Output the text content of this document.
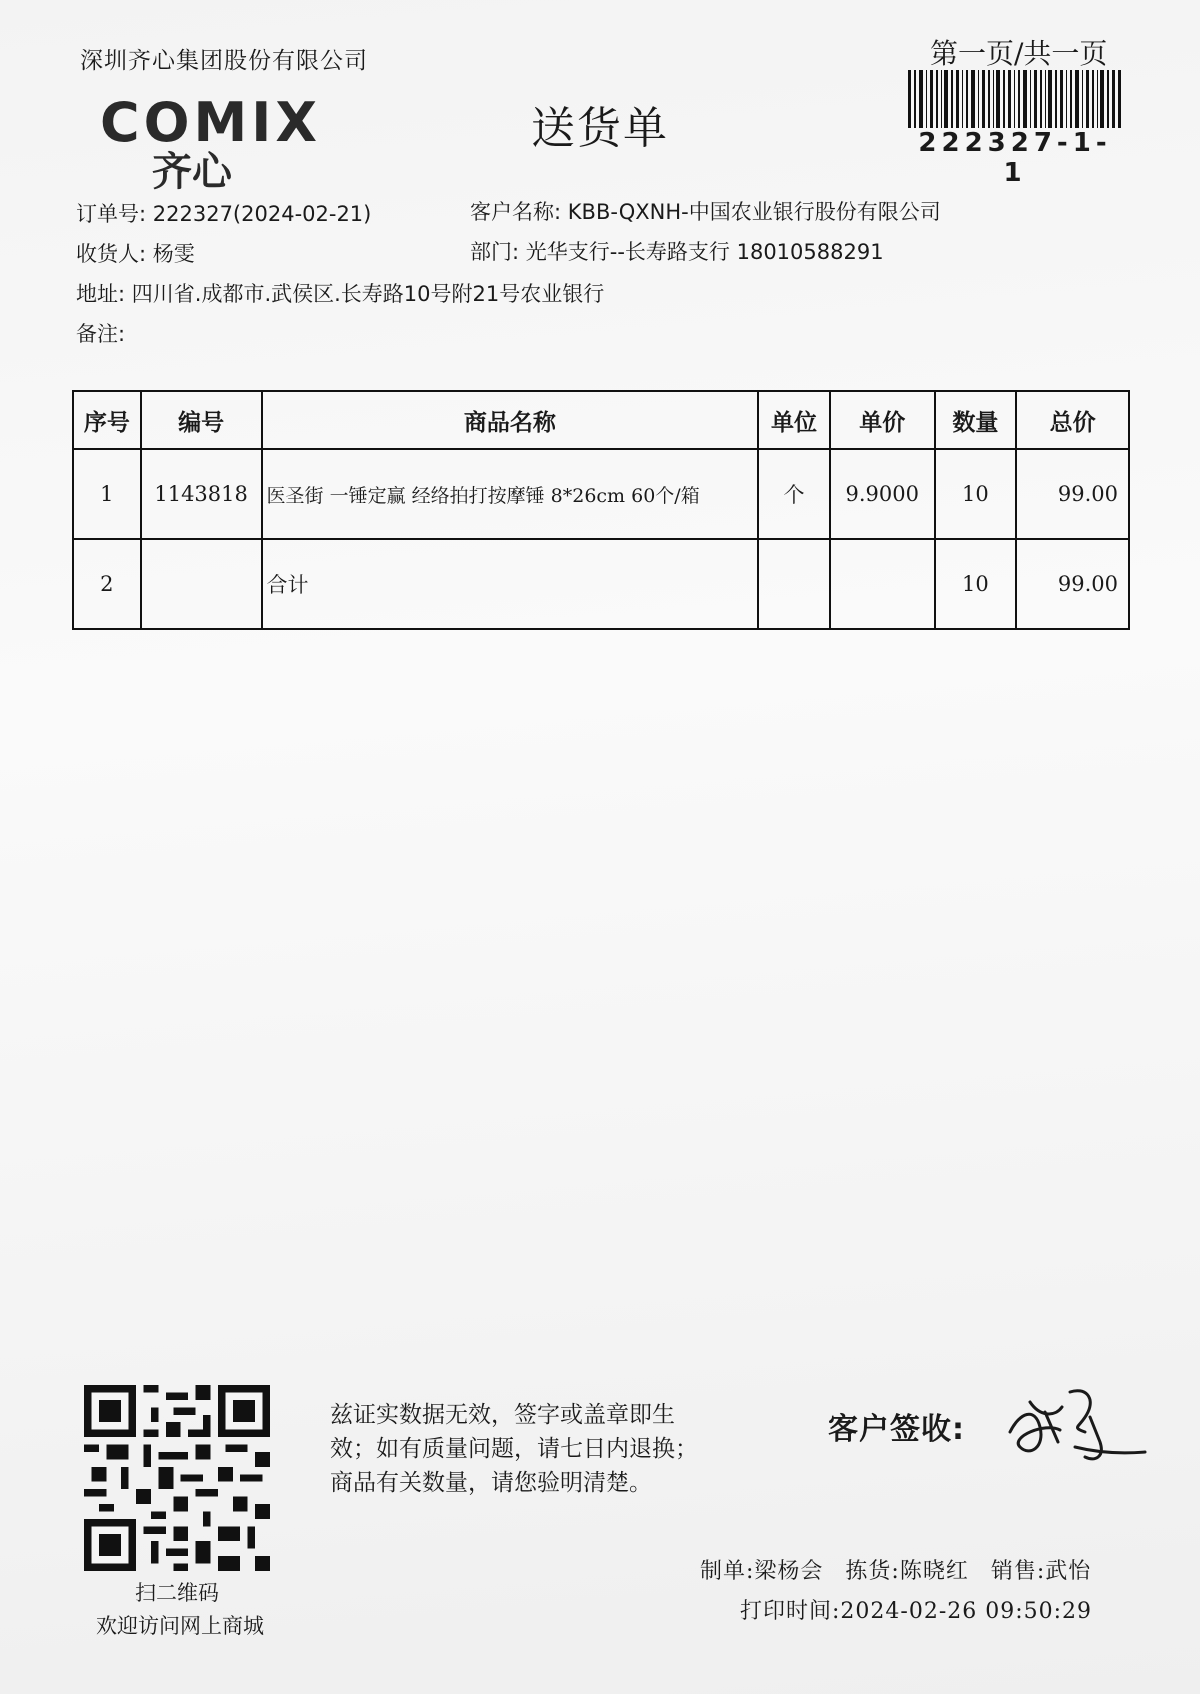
深圳齐心集团股份有限公司
COMIX
齐心
送货单
第一页/共一页
222327-1-1
订单号: 222327(2024-02-21)
收货人: 杨雯
地址: 四川省.成都市.武侯区.长寿路10号附21号农业银行
备注:
客户名称: KBB-QXNH-中国农业银行股份有限公司
部门: 光华支行--长寿路支行 18010588291
序号	编号	商品名称	单位	单价	数量	总价
1	1143818	医圣街 一锤定赢 经络拍打按摩锤 8*26cm 60个/箱	个	9.9000	10	99.00
2		合计			10	99.00
扫二维码
欢迎访问网上商城
兹证实数据无效，签字或盖章即生
效；如有质量问题，请七日内退换；
商品有关数量，请您验明清楚。
客户签收:
制单:梁杨会 拣货:陈晓红 销售:武怡
打印时间:2024-02-26 09:50:29
